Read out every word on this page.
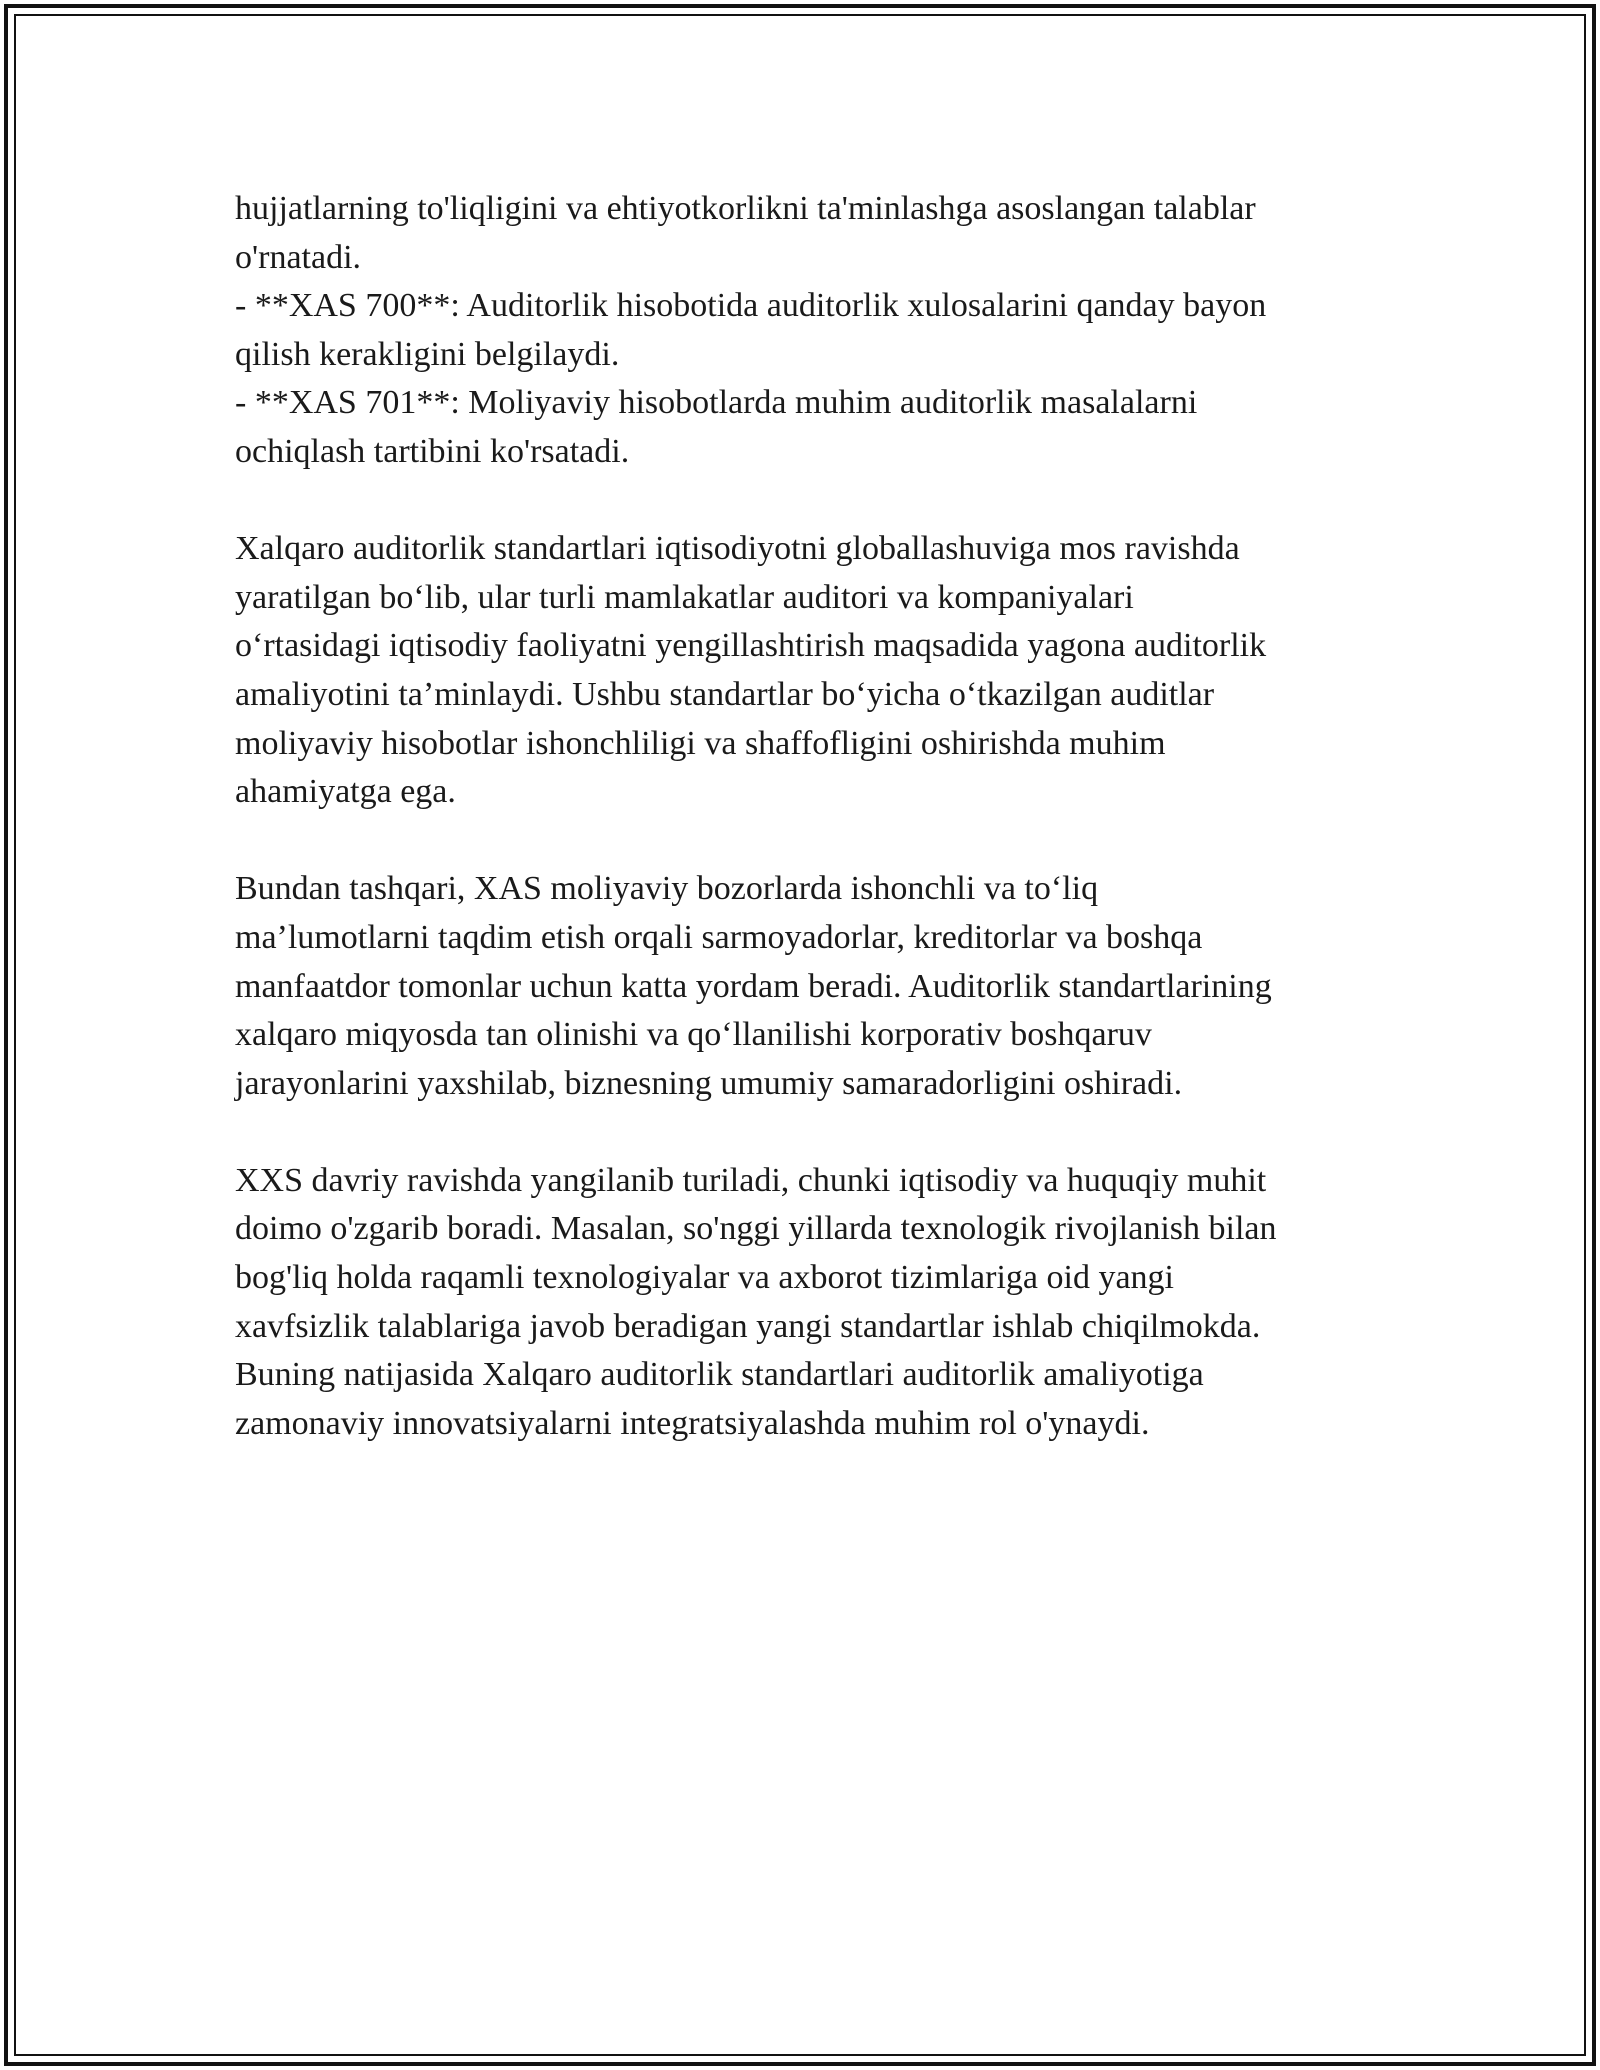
hujjatlarning to'liqligini va ehtiyotkorlikni ta'minlashga asoslangan talablar
o'rnatadi.
- **XAS 700**: Auditorlik hisobotida auditorlik xulosalarini qanday bayon
qilish kerakligini belgilaydi.
- **XAS 701**: Moliyaviy hisobotlarda muhim auditorlik masalalarni
ochiqlash tartibini ko'rsatadi.

Xalqaro auditorlik standartlari iqtisodiyotni globallashuviga mos ravishda
yaratilgan bo‘lib, ular turli mamlakatlar auditori va kompaniyalari
o‘rtasidagi iqtisodiy faoliyatni yengillashtirish maqsadida yagona auditorlik
amaliyotini ta’minlaydi. Ushbu standartlar bo‘yicha o‘tkazilgan auditlar
moliyaviy hisobotlar ishonchliligi va shaffofligini oshirishda muhim
ahamiyatga ega.

Bundan tashqari, XAS moliyaviy bozorlarda ishonchli va to‘liq
ma’lumotlarni taqdim etish orqali sarmoyadorlar, kreditorlar va boshqa
manfaatdor tomonlar uchun katta yordam beradi. Auditorlik standartlarining
xalqaro miqyosda tan olinishi va qo‘llanilishi korporativ boshqaruv
jarayonlarini yaxshilab, biznesning umumiy samaradorligini oshiradi.

XXS davriy ravishda yangilanib turiladi, chunki iqtisodiy va huquqiy muhit
doimo o'zgarib boradi. Masalan, so'nggi yillarda texnologik rivojlanish bilan
bog'liq holda raqamli texnologiyalar va axborot tizimlariga oid yangi
xavfsizlik talablariga javob beradigan yangi standartlar ishlab chiqilmokda.
Buning natijasida Xalqaro auditorlik standartlari auditorlik amaliyotiga
zamonaviy innovatsiyalarni integratsiyalashda muhim rol o'ynaydi.
